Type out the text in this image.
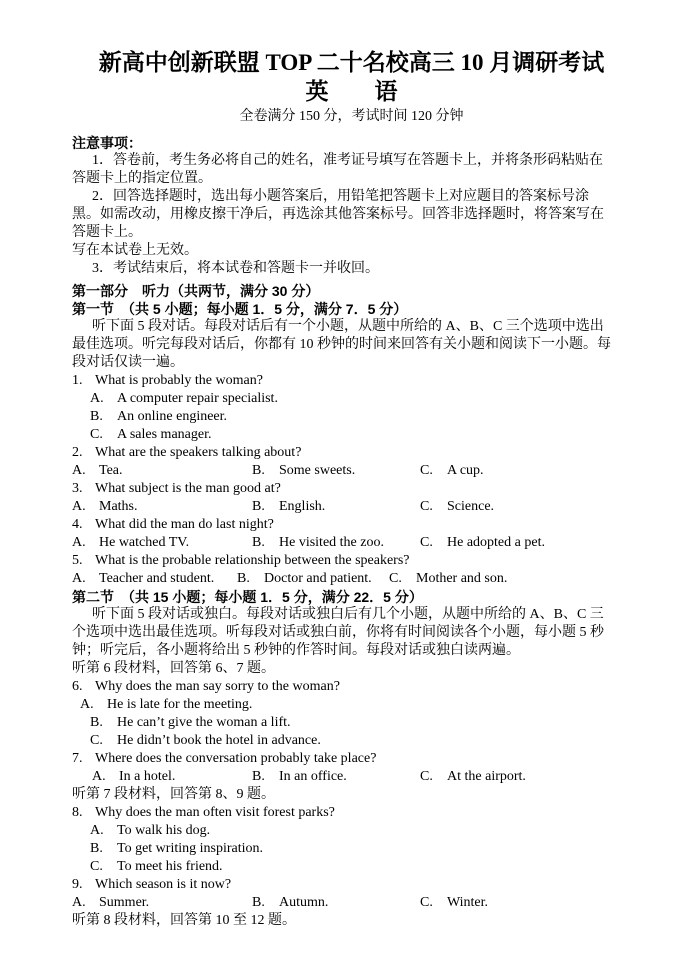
新高中创新联盟 TOP 二十名校高三 10 月调研考试
英　　语
全卷满分 150 分，考试时间 120 分钟

注意事项：

1．答卷前，考生务必将自己的姓名，准考证号填写在答题卡上，并将条形码粘贴在

答题卡上的指定位置。

2．回答选择题时，选出每小题答案后，用铅笔把答题卡上对应题目的答案标号涂

黑。如需改动，用橡皮擦干净后，再选涂其他答案标号。回答非选择题时，将答案写在

答题卡上。

写在本试卷上无效。

3．考试结束后，将本试卷和答题卡一并收回。

第一部分　听力（共两节，满分 30 分）

第一节　（共 5 小题；每小题 1．5 分，满分 7．5 分）

听下面 5 段对话。每段对话后有一个小题，从题中所给的 A、B、C 三个选项中选出

最佳选项。听完每段对话后，你都有 10 秒钟的时间来回答有关小题和阅读下一小题。每

段对话仅读一遍。

1. What is probably the woman?

A. A computer repair specialist.

B. An online engineer.

C. A sales manager.

2. What are the speakers talking about?

A. Tea.	B. Some sweets.	C. A cup.

3. What subject is the man good at?

A. Maths.	B. English.	C. Science.

4. What did the man do last night?

A. He watched TV.	B. He visited the zoo.	C. He adopted a pet.

5. What is the probable relationship between the speakers?

A. Teacher and student.	B. Doctor and patient.	C. Mother and son.

第二节　（共 15 小题；每小题 1．5 分，满分 22．5 分）

听下面 5 段对话或独白。每段对话或独白后有几个小题，从题中所给的 A、B、C 三

个选项中选出最佳选项。听每段对话或独白前，你将有时间阅读各个小题，每小题 5 秒

钟；听完后，各小题将给出 5 秒钟的作答时间。每段对话或独白读两遍。

听第 6 段材料，回答第 6、7 题。

6. Why does the man say sorry to the woman?

A. He is late for the meeting.

B. He can’t give the woman a lift.

C. He didn’t book the hotel in advance.

7. Where does the conversation probably take place?

A. In a hotel.	B. In an office.	C. At the airport.

听第 7 段材料，回答第 8、9 题。

8. Why does the man often visit forest parks?

A. To walk his dog.

B. To get writing inspiration.

C. To meet his friend.

9. Which season is it now?

A. Summer.	B. Autumn.	C. Winter.

听第 8 段材料，回答第 10 至 12 题。
